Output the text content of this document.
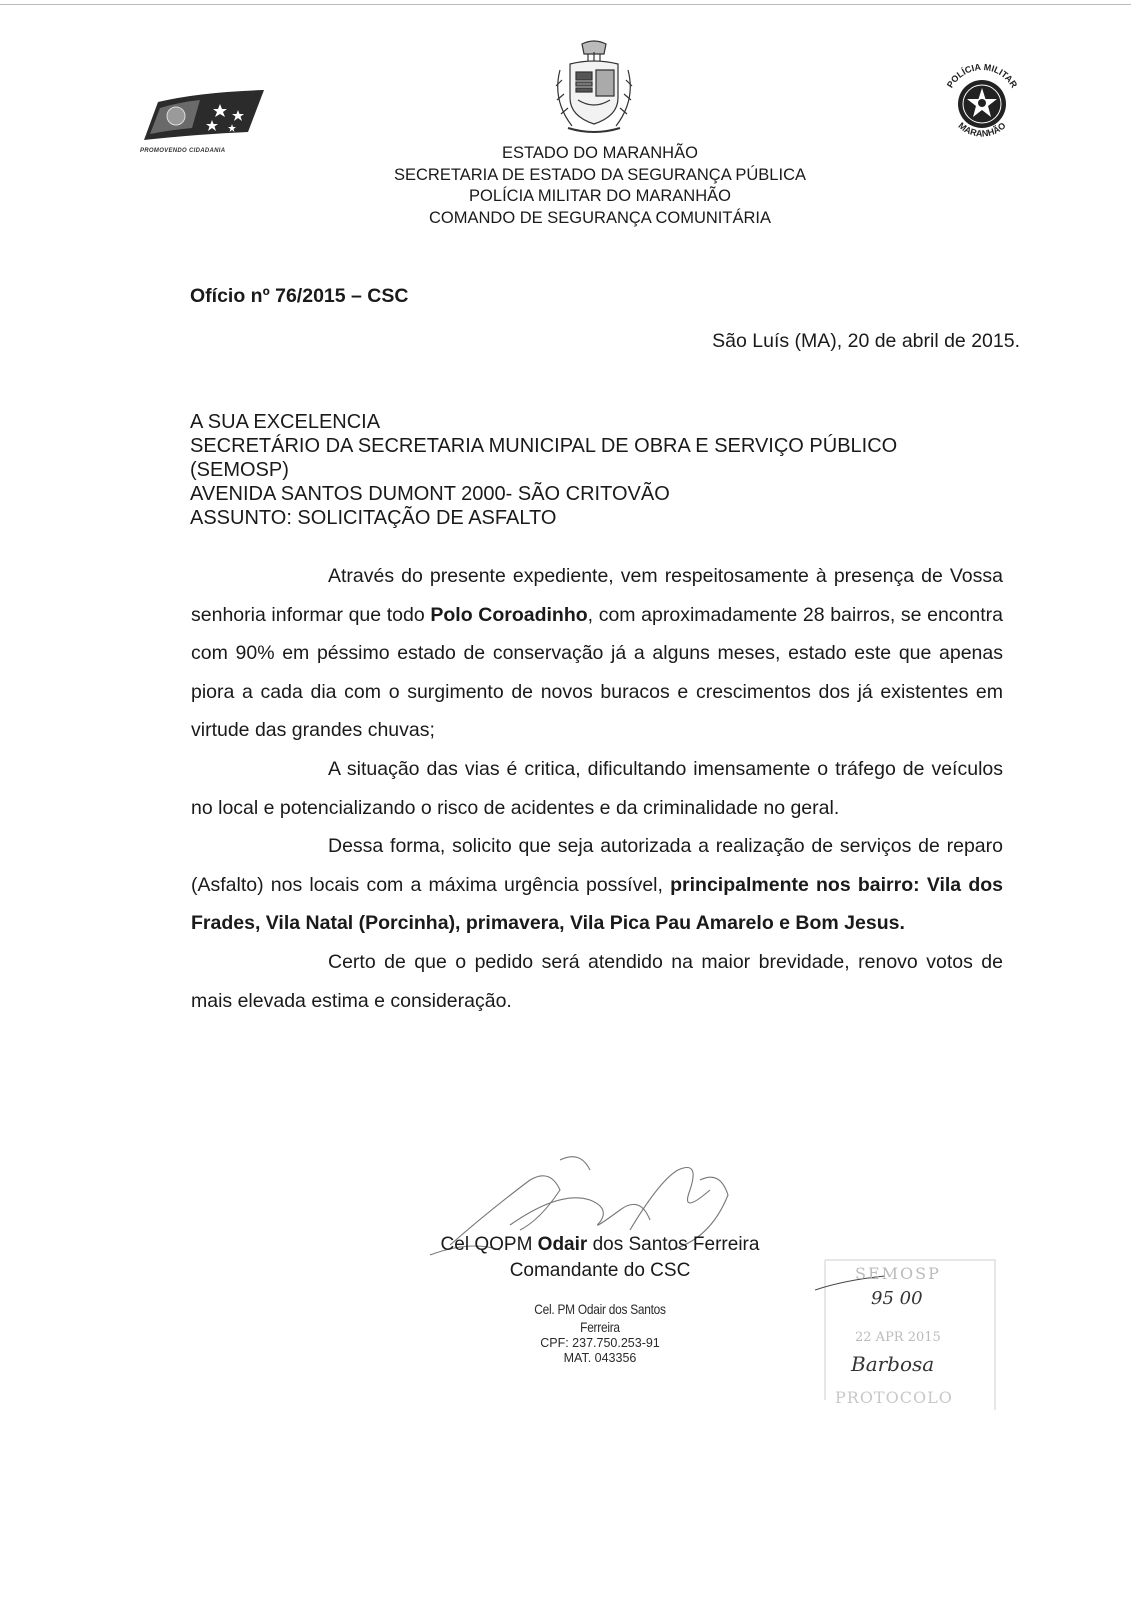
PROMOVENDO CIDADANIA
POLÍCIA MILITAR
MARANHÃO
ESTADO DO MARANHÃO
SECRETARIA DE ESTADO DA SEGURANÇA PÚBLICA
POLÍCIA MILITAR DO MARANHÃO
COMANDO DE SEGURANÇA COMUNITÁRIA
Ofício nº 76/2015 – CSC
São Luís (MA), 20 de abril de 2015.
A SUA EXCELENCIA
SECRETÁRIO DA SECRETARIA MUNICIPAL DE OBRA E SERVIÇO PÚBLICO
(SEMOSP)
AVENIDA SANTOS DUMONT 2000- SÃO CRITOVÃO
ASSUNTO: SOLICITAÇÃO DE ASFALTO

Através do presente expediente, vem respeitosamente à presença de Vossa senhoria informar que todo Polo Coroadinho, com aproximadamente 28 bairros, se encontra com 90% em péssimo estado de conservação já a alguns meses, estado este que apenas piora a cada dia com o surgimento de novos buracos e crescimentos dos já existentes em virtude das grandes chuvas;

A situação das vias é critica, dificultando imensamente o tráfego de veículos no local e potencializando o risco de acidentes e da criminalidade no geral.

Dessa forma, solicito que seja autorizada a realização de serviços de reparo (Asfalto) nos locais com a máxima urgência possível, principalmente nos bairro: Vila dos Frades, Vila Natal (Porcinha), primavera, Vila Pica Pau Amarelo e Bom Jesus.

Certo de que o pedido será atendido na maior brevidade, renovo votos de mais elevada estima e consideração.

Cel QOPM Odair dos Santos Ferreira
Comandante do CSC
Cel. PM Odair dos Santos Ferreira
CPF: 237.750.253-91
MAT. 043356
SEMOSP
95 00
22 APR 2015
Barbosa
PROTOCOLO
